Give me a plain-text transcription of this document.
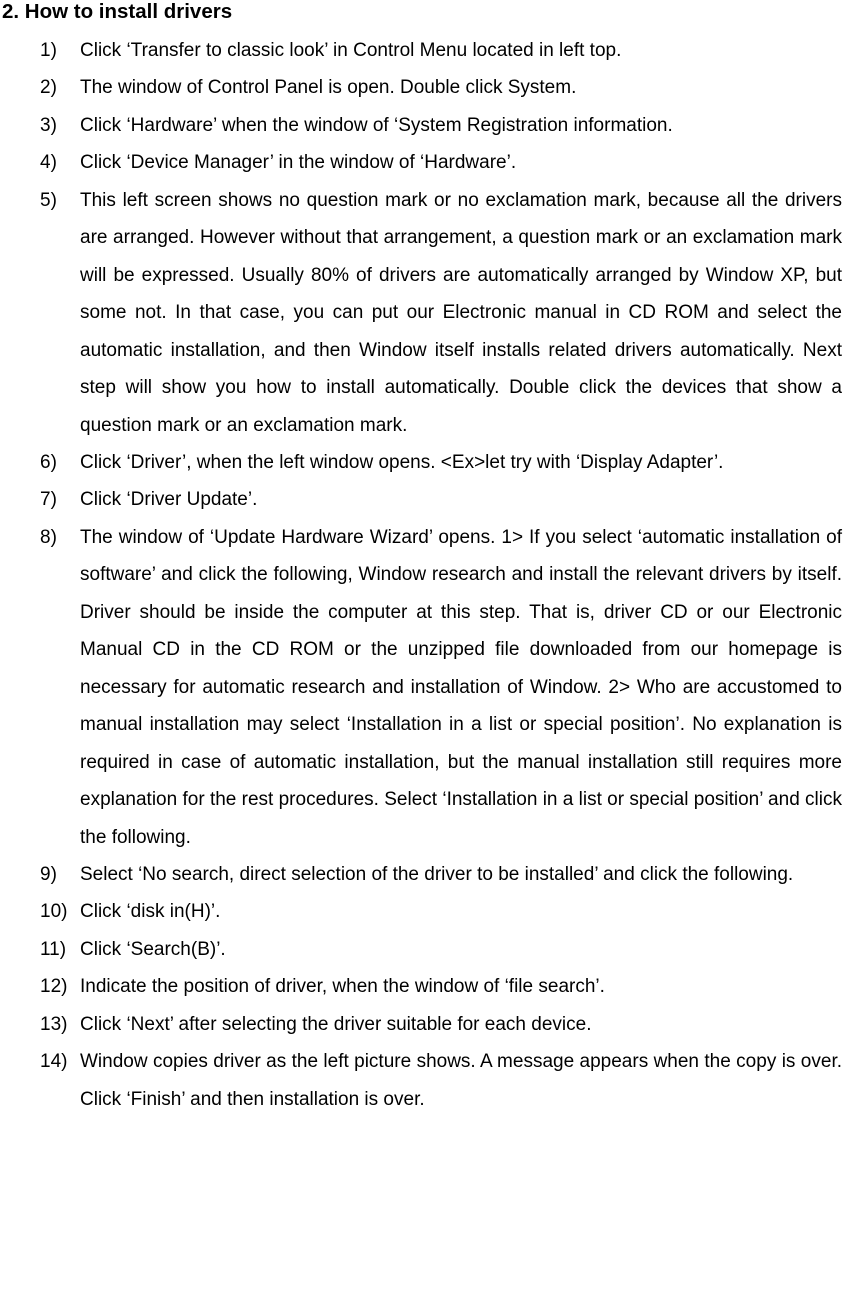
2. How to install drivers
1) Click ‘Transfer to classic look’ in Control Menu located in left top.
2) The window of Control Panel is open. Double click System.
3) Click ‘Hardware’ when the window of ‘System Registration information.
4) Click ‘Device Manager’ in the window of ‘Hardware’.
5) This left screen shows no question mark or no exclamation mark, because all the drivers are arranged. However without that arrangement, a question mark or an exclamation mark will be expressed. Usually 80% of drivers are automatically arranged by Window XP, but some not. In that case, you can put our Electronic manual in CD ROM and select the automatic installation, and then Window itself installs related drivers automatically. Next step will show you how to install automatically. Double click the devices that show a question mark or an exclamation mark.
6) Click ‘Driver’, when the left window opens. <Ex>let try with ‘Display Adapter’.
7) Click ‘Driver Update’.
8) The window of ‘Update Hardware Wizard’ opens. 1> If you select ‘automatic installation of software’ and click the following, Window research and install the relevant drivers by itself. Driver should be inside the computer at this step. That is, driver CD or our Electronic Manual CD in the CD ROM or the unzipped file downloaded from our homepage is necessary for automatic research and installation of Window. 2> Who are accustomed to manual installation may select ‘Installation in a list or special position’. No explanation is required in case of automatic installation, but the manual installation still requires more explanation for the rest procedures. Select ‘Installation in a list or special position’ and click the following.
9) Select ‘No search, direct selection of the driver to be installed’ and click the following.
10) Click ‘disk in(H)’.
11) Click ‘Search(B)’.
12) Indicate the position of driver, when the window of ‘file search’.
13) Click ‘Next’ after selecting the driver suitable for each device.
14) Window copies driver as the left picture shows. A message appears when the copy is over. Click ‘Finish’ and then installation is over.
